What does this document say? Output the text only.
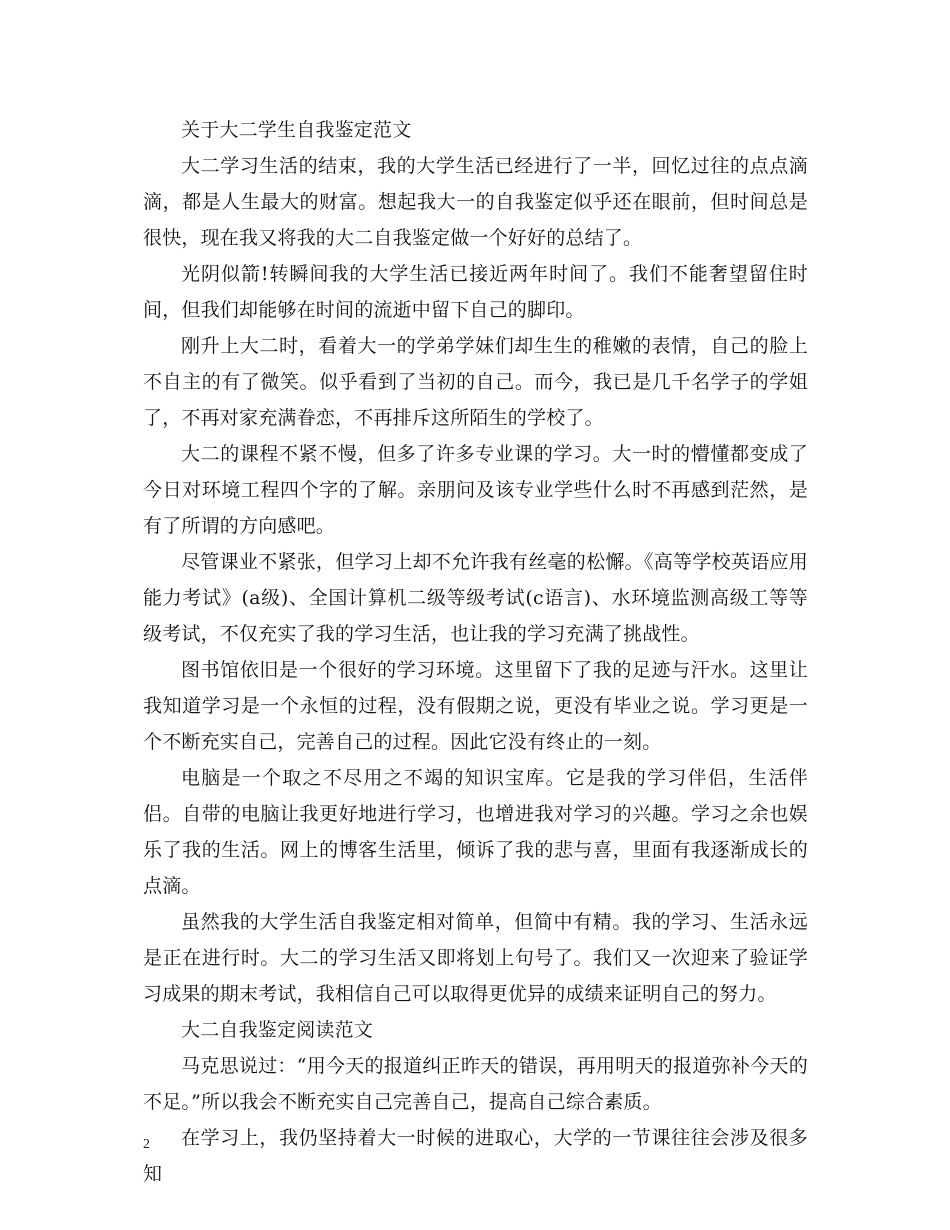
关于大二学生自我鉴定范文

大二学习生活的结束，我的大学生活已经进行了一半，回忆过往的点点滴滴，都是人生最大的财富。想起我大一的自我鉴定似乎还在眼前，但时间总是很快，现在我又将我的大二自我鉴定做一个好好的总结了。

光阴似箭!转瞬间我的大学生活已接近两年时间了。我们不能奢望留住时间，但我们却能够在时间的流逝中留下自己的脚印。

刚升上大二时，看着大一的学弟学妹们却生生的稚嫩的表情，自己的脸上不自主的有了微笑。似乎看到了当初的自己。而今，我已是几千名学子的学姐了，不再对家充满眷恋，不再排斥这所陌生的学校了。

大二的课程不紧不慢，但多了许多专业课的学习。大一时的懵懂都变成了今日对环境工程四个字的了解。亲朋问及该专业学些什么时不再感到茫然，是有了所谓的方向感吧。

尽管课业不紧张，但学习上却不允许我有丝毫的松懈。《高等学校英语应用能力考试》(a级)、全国计算机二级等级考试(c语言)、水环境监测高级工等等级考试，不仅充实了我的学习生活，也让我的学习充满了挑战性。

图书馆依旧是一个很好的学习环境。这里留下了我的足迹与汗水。这里让我知道学习是一个永恒的过程，没有假期之说，更没有毕业之说。学习更是一个不断充实自己，完善自己的过程。因此它没有终止的一刻。

电脑是一个取之不尽用之不竭的知识宝库。它是我的学习伴侣，生活伴侣。自带的电脑让我更好地进行学习，也增进我对学习的兴趣。学习之余也娱乐了我的生活。网上的博客生活里，倾诉了我的悲与喜，里面有我逐渐成长的点滴。

虽然我的大学生活自我鉴定相对简单，但简中有精。我的学习、生活永远是正在进行时。大二的学习生活又即将划上句号了。我们又一次迎来了验证学习成果的期末考试，我相信自己可以取得更优异的成绩来证明自己的努力。

大二自我鉴定阅读范文

马克思说过：“用今天的报道纠正昨天的错误，再用明天的报道弥补今天的不足。”所以我会不断充实自己完善自己，提高自己综合素质。

在学习上，我仍坚持着大一时候的进取心，大学的一节课往往会涉及很多知

2
